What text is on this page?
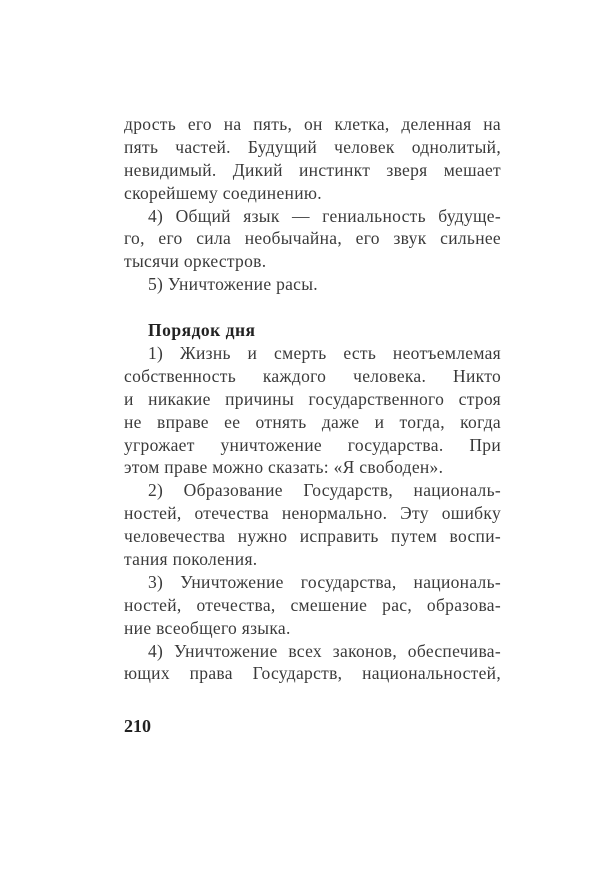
дрость его на пять, он клетка, деленная на
пять частей. Будущий человек однолитый,
невидимый. Дикий инстинкт зверя мешает
скорейшему соединению.
4) Общий язык — гениальность будуще-
го, его сила необычайна, его звук сильнее
тысячи оркестров.
5) Уничтожение расы.
Порядок дня
1) Жизнь и смерть есть неотъемлемая
собственность каждого человека. Никто
и никакие причины государственного строя
не вправе ее отнять даже и тогда, когда
угрожает уничтожение государства. При
этом праве можно сказать: «Я свободен».
2) Образование Государств, националь-
ностей, отечества ненормально. Эту ошибку
человечества нужно исправить путем воспи-
тания поколения.
3) Уничтожение государства, националь-
ностей, отечества, смешение рас, образова-
ние всеобщего языка.
4) Уничтожение всех законов, обеспечива-
ющих права Государств, национальностей,
210
